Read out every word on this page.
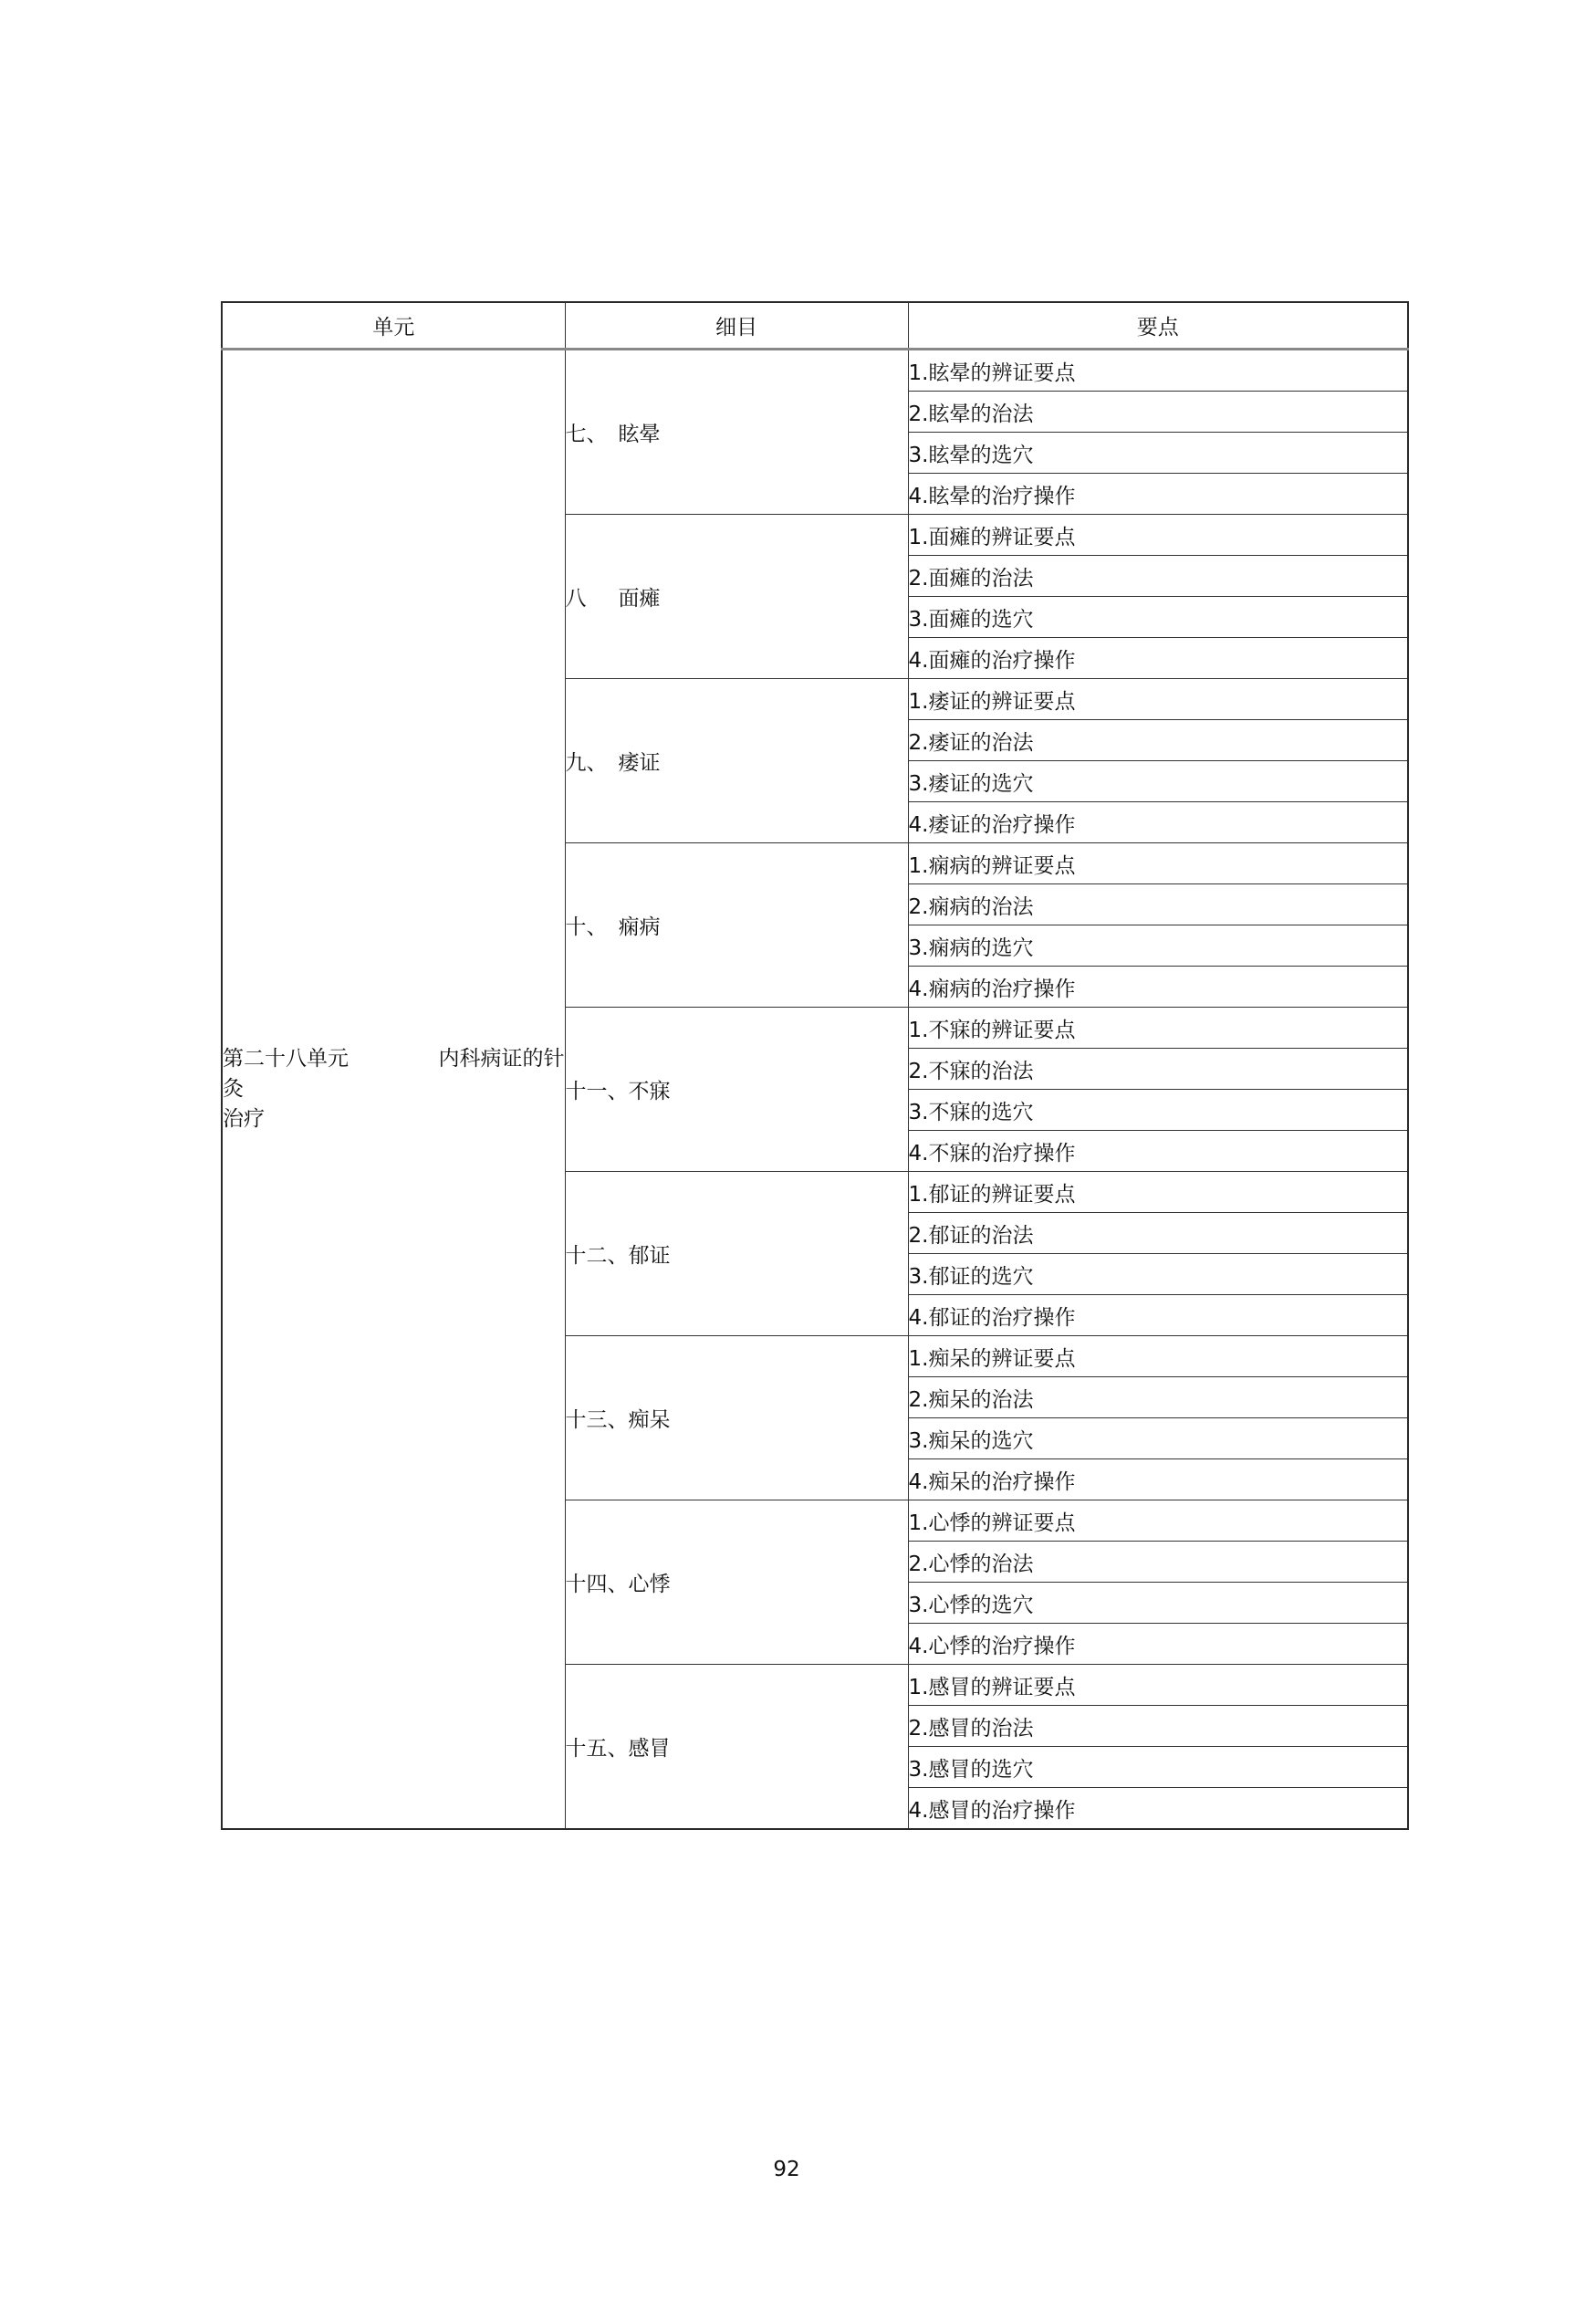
单元	细目	要点

第二十八单元 内科病证的针
灸
治疗	七、 眩晕	1.眩晕的辨证要点
		2.眩晕的治法
		3.眩晕的选穴
		4.眩晕的治疗操作
	八 面瘫	1.面瘫的辨证要点
		2.面瘫的治法
		3.面瘫的选穴
		4.面瘫的治疗操作
	九、 痿证	1.痿证的辨证要点
		2.痿证的治法
		3.痿证的选穴
		4.痿证的治疗操作
	十、 痫病	1.痫病的辨证要点
		2.痫病的治法
		3.痫病的选穴
		4.痫病的治疗操作
	十一、不寐	1.不寐的辨证要点
		2.不寐的治法
		3.不寐的选穴
		4.不寐的治疗操作
	十二、郁证	1.郁证的辨证要点
		2.郁证的治法
		3.郁证的选穴
		4.郁证的治疗操作
	十三、痴呆	1.痴呆的辨证要点
		2.痴呆的治法
		3.痴呆的选穴
		4.痴呆的治疗操作
	十四、心悸	1.心悸的辨证要点
		2.心悸的治法
		3.心悸的选穴
		4.心悸的治疗操作
	十五、感冒	1.感冒的辨证要点
		2.感冒的治法
		3.感冒的选穴
		4.感冒的治疗操作
92
